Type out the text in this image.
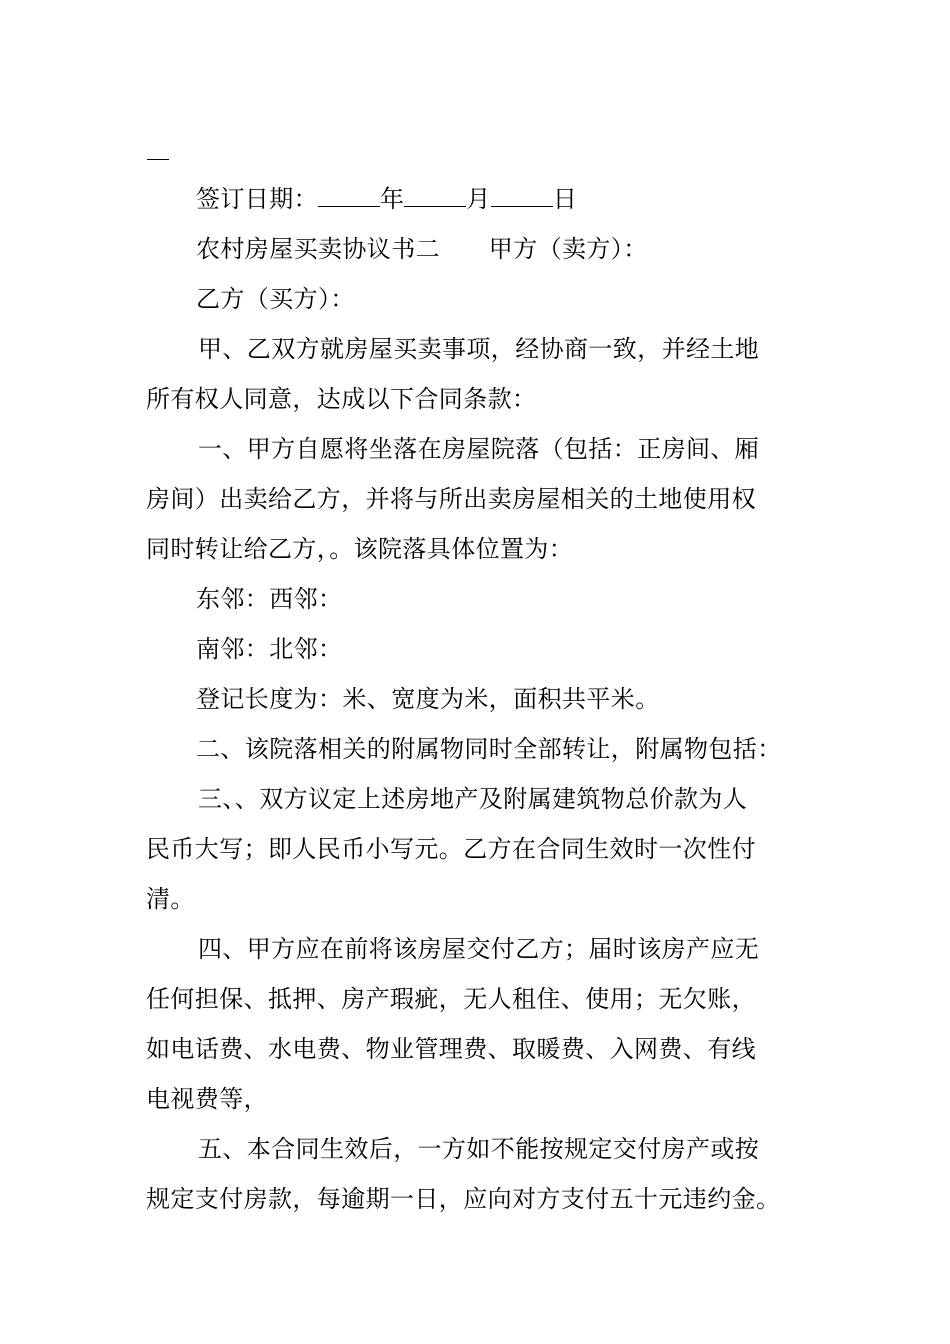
签订日期：	年	月	日
农村房屋买卖协议书二　　甲方（卖方）：
乙方（买方）：
甲、乙双方就房屋买卖事项，经协商一致，并经土地
所有权人同意，达成以下合同条款：
一、甲方自愿将坐落在房屋院落（包括：正房间、厢
房间）出卖给乙方，并将与所出卖房屋相关的土地使用权
同时转让给乙方，。该院落具体位置为：
东邻：西邻：
南邻：北邻：
登记长度为：米、宽度为米，面积共平米。
二、该院落相关的附属物同时全部转让，附属物包括：
三、、双方议定上述房地产及附属建筑物总价款为人
民币大写；即人民币小写元。乙方在合同生效时一次性付
清。
四、甲方应在前将该房屋交付乙方；届时该房产应无
任何担保、抵押、房产瑕疵，无人租住、使用；无欠账，
如电话费、水电费、物业管理费、取暖费、入网费、有线
电视费等，
五、本合同生效后，一方如不能按规定交付房产或按
规定支付房款，每逾期一日，应向对方支付五十元违约金。
